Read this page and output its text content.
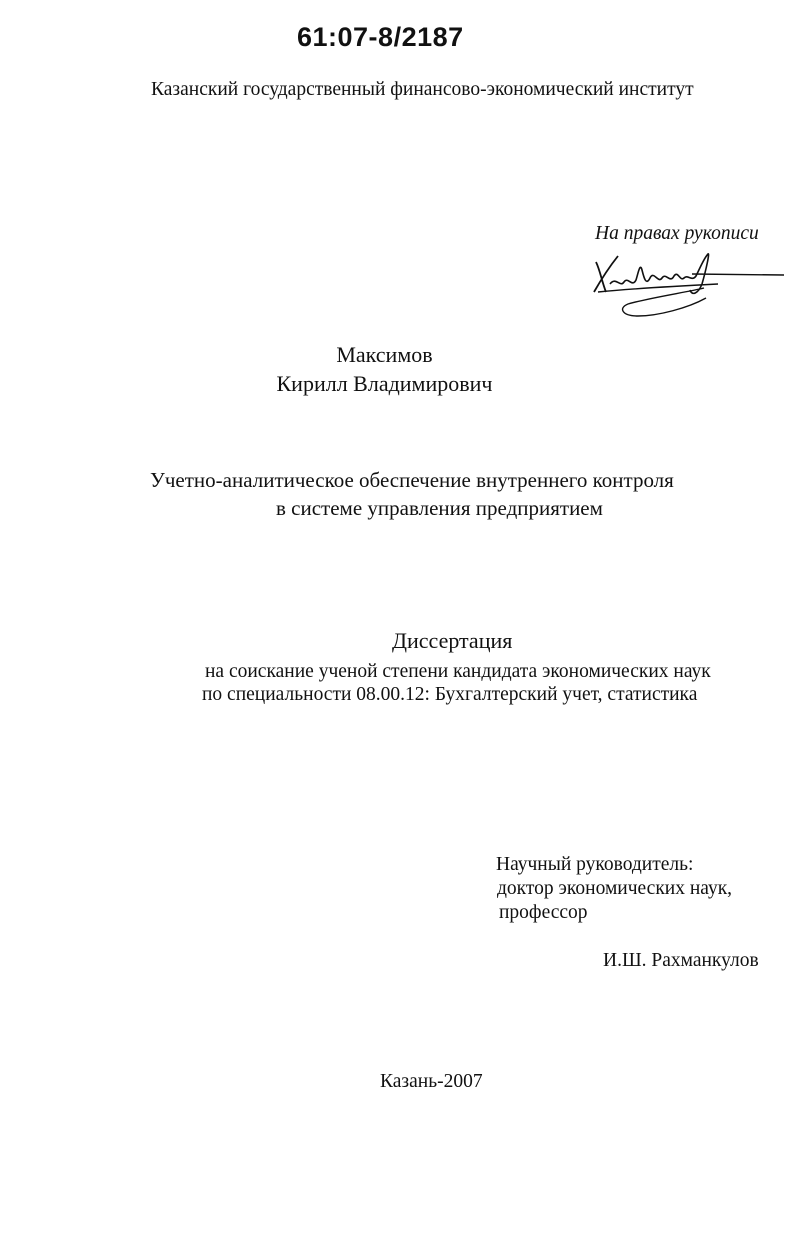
61:07-8/2187
Казанский государственный финансово-экономический институт
На правах рукописи
Максимов
Кирилл Владимирович
Учетно-аналитическое обеспечение внутреннего контроля
в системе управления предприятием
Диссертация
на соискание ученой степени кандидата экономических наук
по специальности 08.00.12: Бухгалтерский учет, статистика
Научный руководитель:
доктор экономических наук,
профессор
И.Ш. Рахманкулов
Казань-2007
